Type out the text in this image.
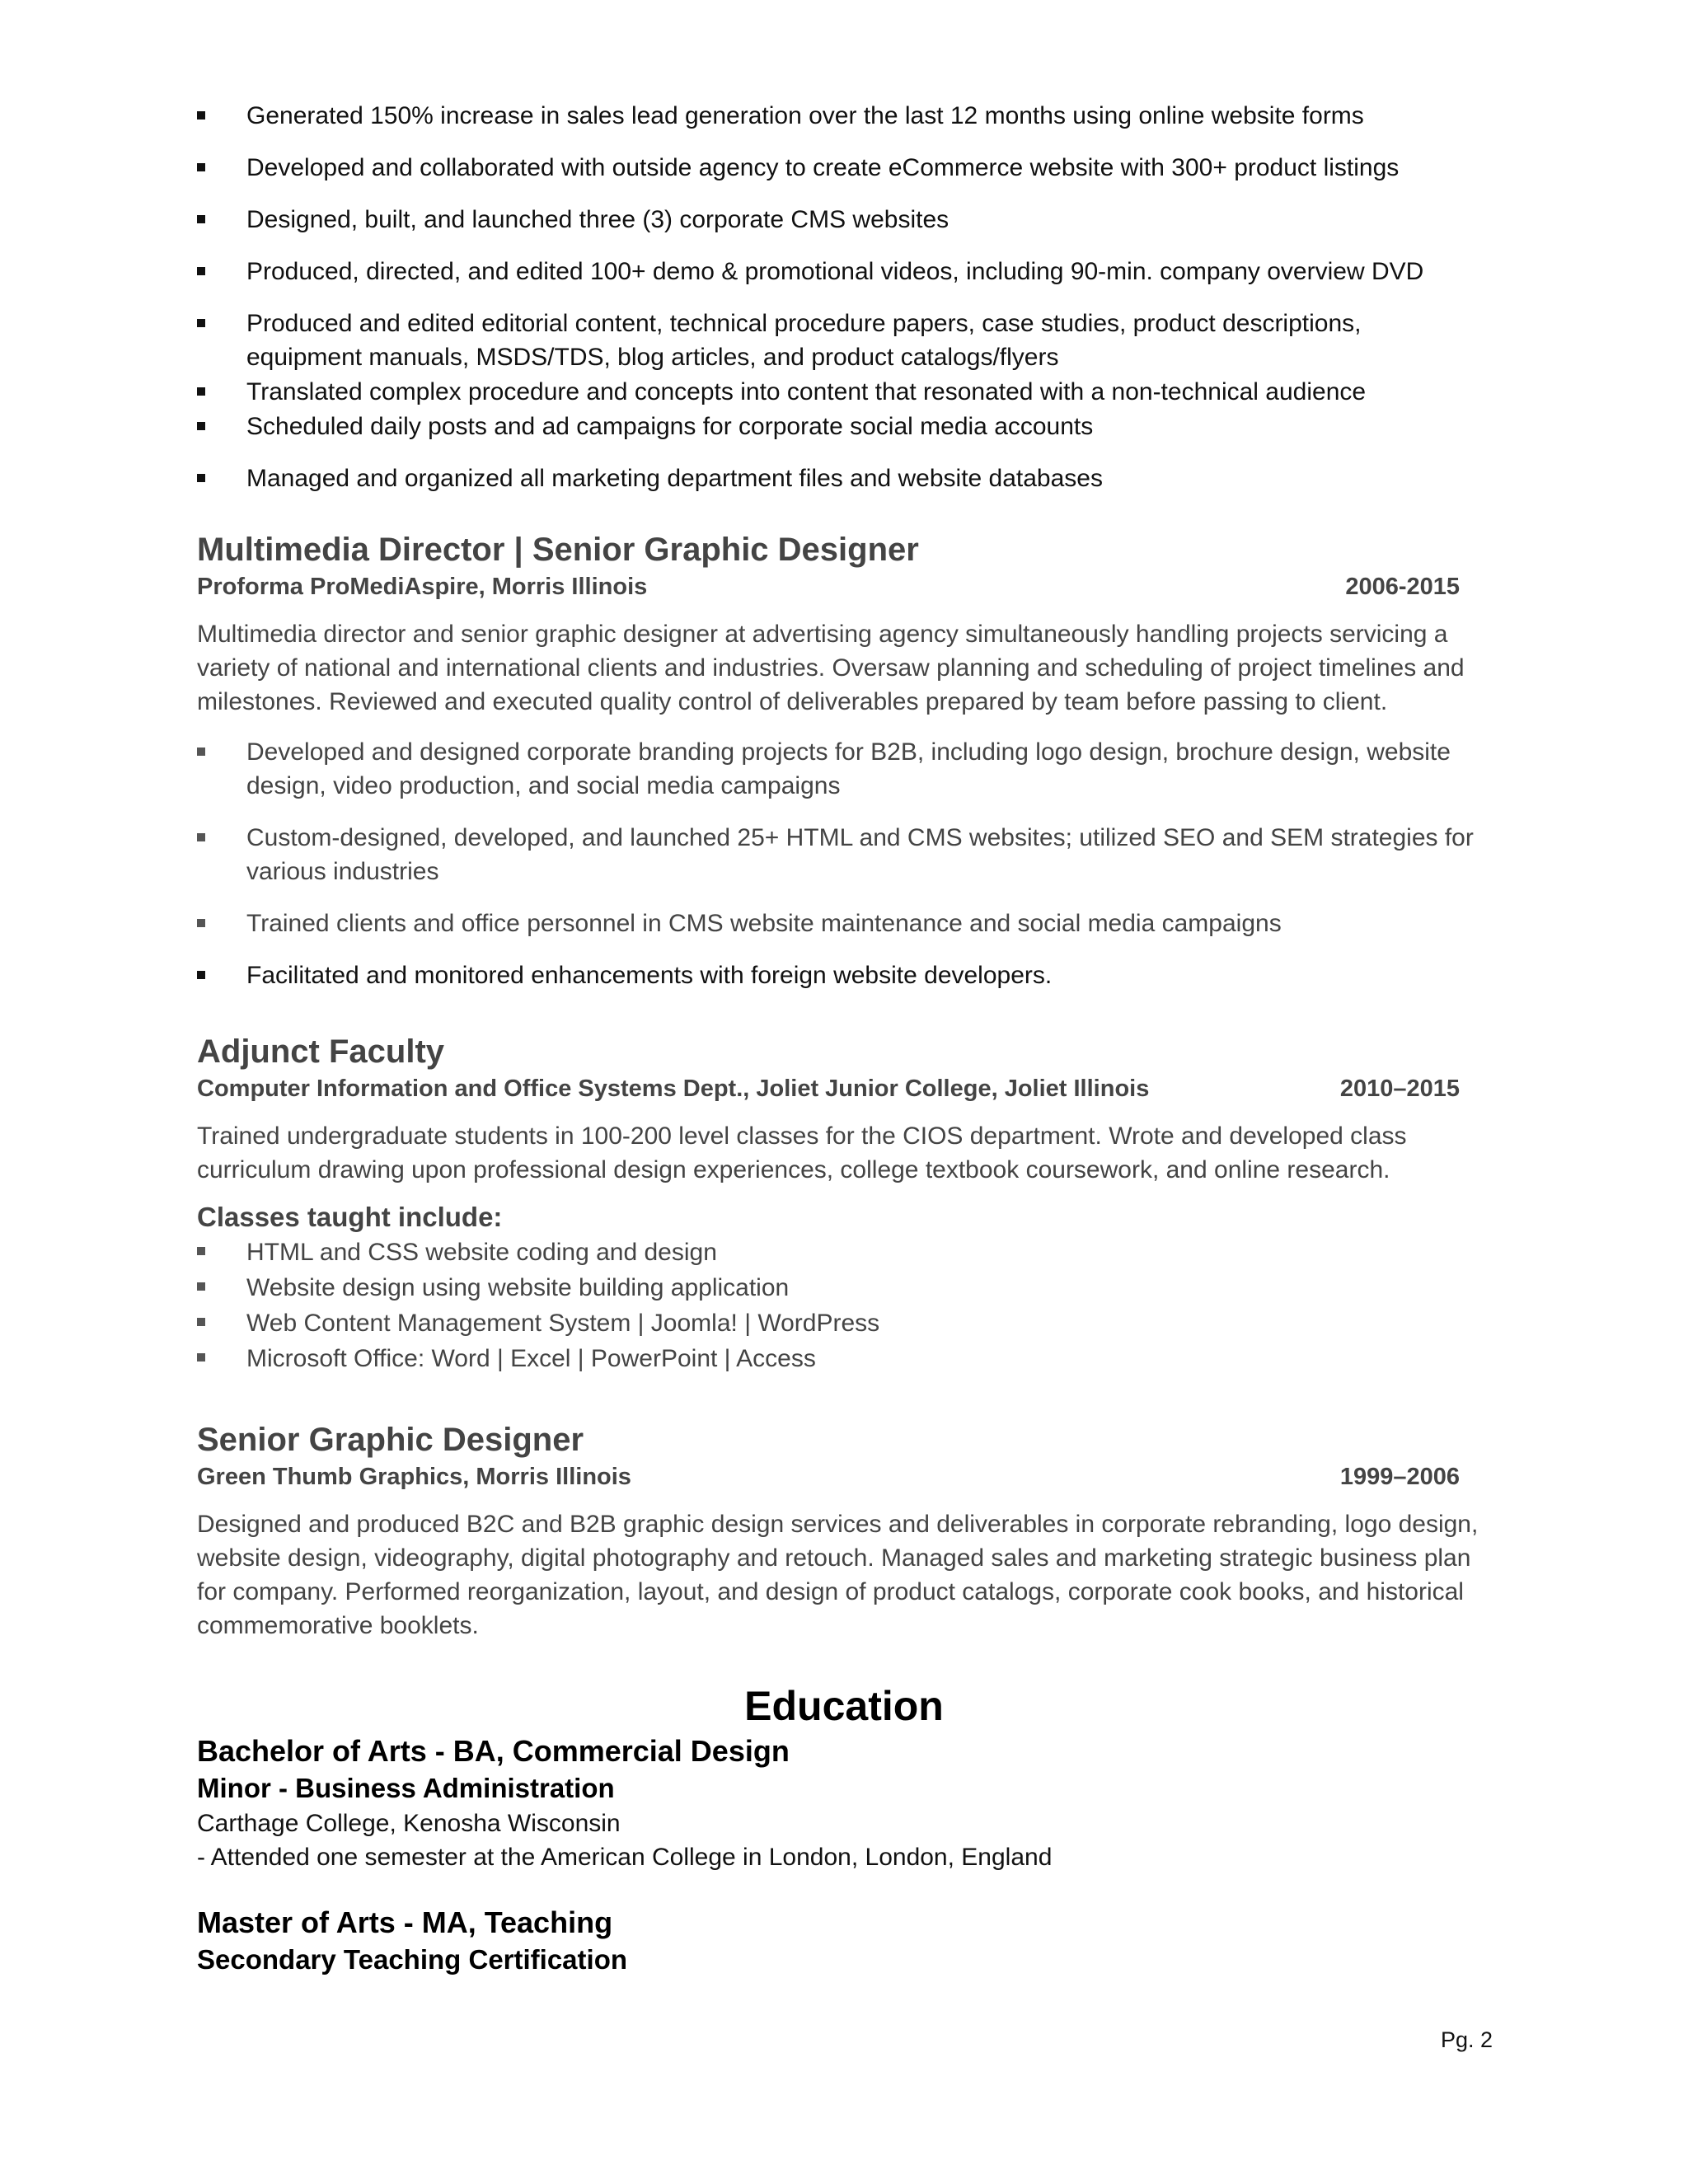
Generated 150% increase in sales lead generation over the last 12 months using online website forms
Developed and collaborated with outside agency to create eCommerce website with 300+ product listings
Designed, built, and launched three (3) corporate CMS websites
Produced, directed, and edited 100+ demo & promotional videos, including 90-min. company overview DVD
Produced and edited editorial content, technical procedure papers, case studies, product descriptions, equipment manuals, MSDS/TDS, blog articles, and product catalogs/flyers
Translated complex procedure and concepts into content that resonated with a non-technical audience
Scheduled daily posts and ad campaigns for corporate social media accounts
Managed and organized all marketing department files and website databases
Multimedia Director | Senior Graphic Designer
Proforma ProMediAspire, Morris Illinois	2006-2015

Multimedia director and senior graphic designer at advertising agency simultaneously handling projects servicing a variety of national and international clients and industries. Oversaw planning and scheduling of project timelines and milestones. Reviewed and executed quality control of deliverables prepared by team before passing to client.

Developed and designed corporate branding projects for B2B, including logo design, brochure design, website design, video production, and social media campaigns
Custom-designed, developed, and launched 25+ HTML and CMS websites; utilized SEO and SEM strategies for various industries
Trained clients and office personnel in CMS website maintenance and social media campaigns
Facilitated and monitored enhancements with foreign website developers.
Adjunct Faculty
Computer Information and Office Systems Dept., Joliet Junior College, Joliet Illinois	2010–2015

Trained undergraduate students in 100-200 level classes for the CIOS department. Wrote and developed class curriculum drawing upon professional design experiences, college textbook coursework, and online research.

Classes taught include:
HTML and CSS website coding and design
Website design using website building application
Web Content Management System | Joomla! | WordPress
Microsoft Office: Word | Excel | PowerPoint | Access
Senior Graphic Designer
Green Thumb Graphics, Morris Illinois	1999–2006

Designed and produced B2C and B2B graphic design services and deliverables in corporate rebranding, logo design, website design, videography, digital photography and retouch. Managed sales and marketing strategic business plan for company. Performed reorganization, layout, and design of product catalogs, corporate cook books, and historical commemorative booklets.

Education
Bachelor of Arts - BA, Commercial Design
Minor - Business Administration
Carthage College, Kenosha Wisconsin
- Attended one semester at the American College in London, London, England
Master of Arts - MA, Teaching
Secondary Teaching Certification
Pg. 2
